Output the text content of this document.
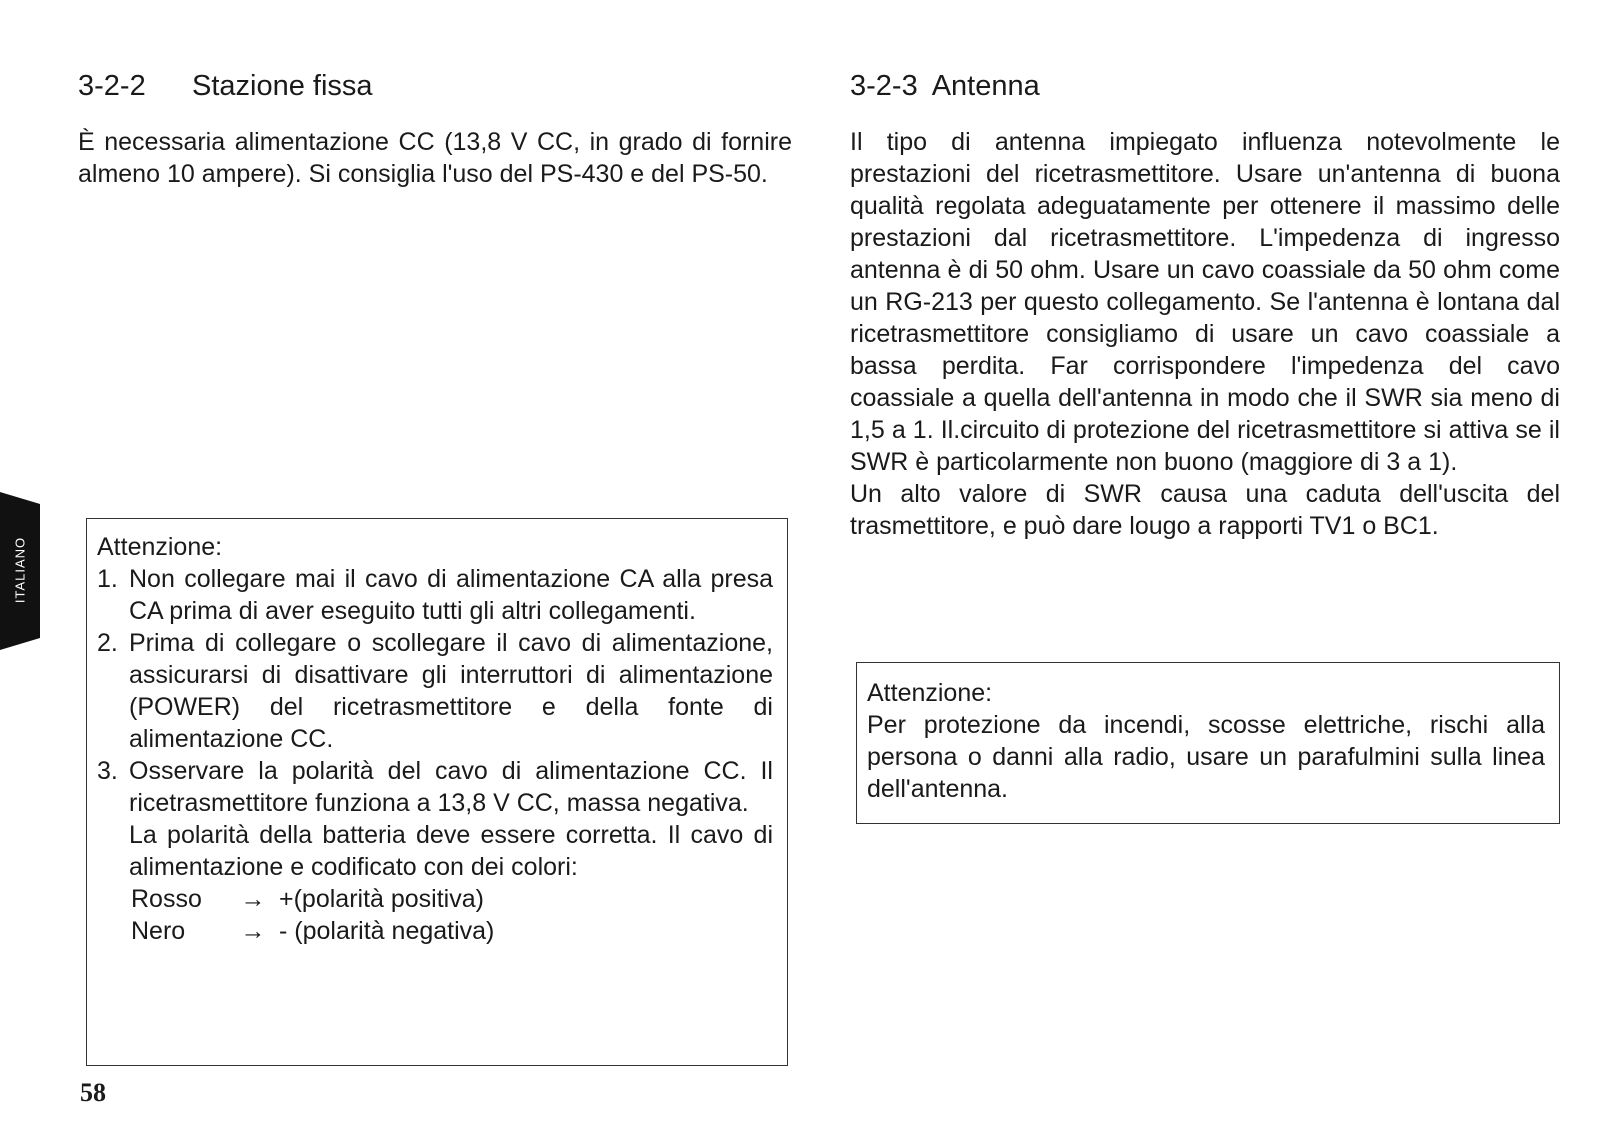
ITALIANO
3-2-2 Stazione fissa

È necessaria alimentazione CC (13,8 V CC, in grado di fornire almeno 10 ampere). Si consiglia l'uso del PS-430 e del PS-50.

Attenzione:
1. Non collegare mai il cavo di alimentazione CA alla presa CA prima di aver eseguito tutti gli altri collegamenti.
2. Prima di collegare o scollegare il cavo di alimentazione, assicurarsi di disattivare gli interruttori di alimentazione (POWER) del ricetrasmettitore e della fonte di alimentazione CC.
3. Osservare la polarità del cavo di alimentazione CC. Il ricetrasmettitore funziona a 13,8 V CC, massa negativa.
La polarità della batteria deve essere corretta. Il cavo di alimentazione e codificato con dei colori:
Rosso	→ +(polarità positiva)
Nero	→ - (polarità negativa)
3-2-3 Antenna

Il tipo di antenna impiegato influenza notevolmente le prestazioni del ricetrasmettitore. Usare un'antenna di buona qualità regolata adeguatamente per ottenere il massimo delle prestazioni dal ricetrasmettitore. L'impedenza di ingresso antenna è di 50 ohm. Usare un cavo coassiale da 50 ohm come un RG-213 per questo collegamento. Se l'antenna è lontana dal ricetrasmettitore consigliamo di usare un cavo coassiale a bassa perdita. Far corrispondere l'impedenza del cavo coassiale a quella dell'antenna in modo che il SWR sia meno di 1,5 a 1. Il.circuito di protezione del ricetrasmettitore si attiva se il SWR è particolarmente non buono (maggiore di 3 a 1).

Un alto valore di SWR causa una caduta dell'uscita del trasmettitore, e può dare lougo a rapporti TV1 o BC1.

Attenzione:
Per protezione da incendi, scosse elettriche, rischi alla persona o danni alla radio, usare un parafulmini sulla linea dell'antenna.
58
